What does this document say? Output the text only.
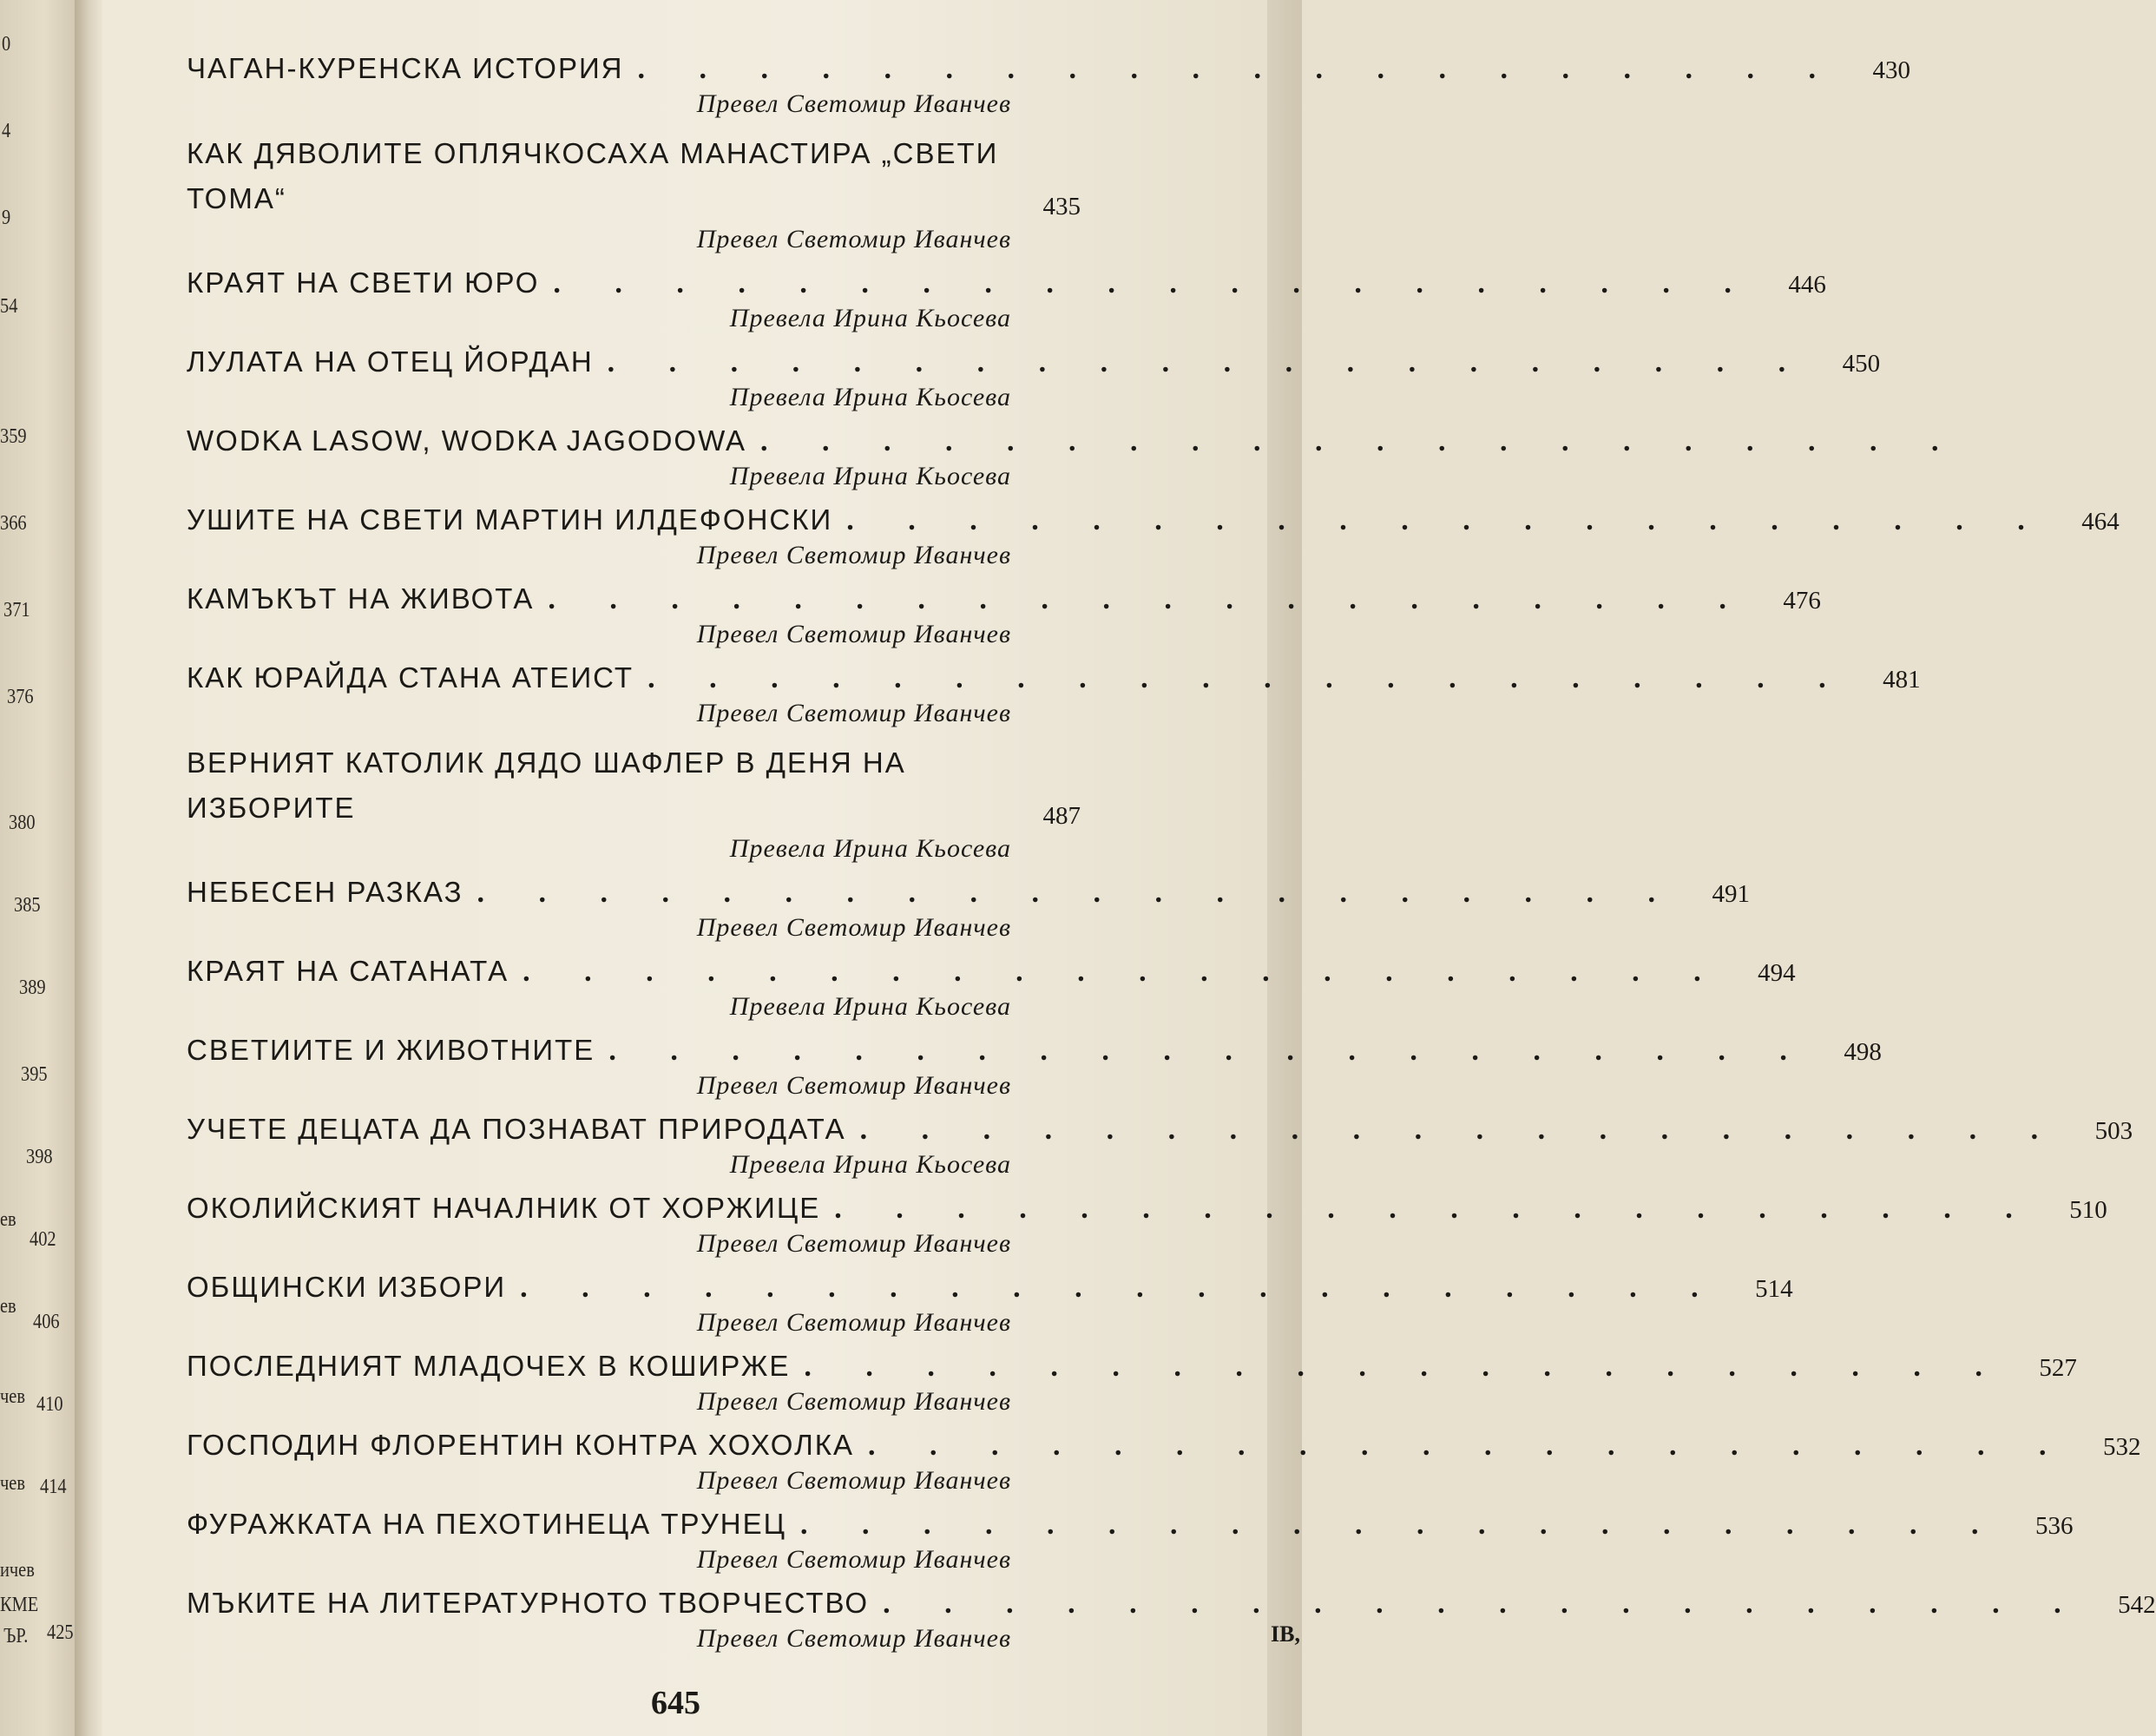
0
4
9
54
359
366
371
376
380
385
389
395
398
402
406
410
414
425
ев
ев
чев
чев
ичев
КМЕ
ЪР.	ІВ,
ЧАГАН-КУРЕНСКА ИСТОРИЯ . . . . . . . . . . . . . . . . . . . .	430
Превел Светомир Иванчев
КАК ДЯВОЛИТЕ ОПЛЯЧКОСАХА МАНАСТИРА „СВЕТИ ТОМА“	435
Превел Светомир Иванчев
КРАЯТ НА СВЕТИ ЮРО . . . . . . . . . . . . . . . . . . . .	446
Превела Ирина Кьосева
ЛУЛАТА НА ОТЕЦ ЙОРДАН . . . . . . . . . . . . . . . . . . . .	450
Превела Ирина Кьосева
WODKA LASOW, WODKA JAGODOWA . . . . . . . . . . . . . . . . . . . .
Превела Ирина Кьосева
УШИТЕ НА СВЕТИ МАРТИН ИЛДЕФОНСКИ . . . . . . . . . . . . . . . . . . . .	464
Превел Светомир Иванчев
КАМЪКЪТ НА ЖИВОТА . . . . . . . . . . . . . . . . . . . .	476
Превел Светомир Иванчев
КАК ЮРАЙДА СТАНА АТЕИСТ . . . . . . . . . . . . . . . . . . . .	481
Превел Светомир Иванчев
ВЕРНИЯТ КАТОЛИК ДЯДО ШАФЛЕР В ДЕНЯ НА ИЗБОРИТЕ	487
Превела Ирина Кьосева
НЕБЕСЕН РАЗКАЗ . . . . . . . . . . . . . . . . . . . .	491
Превел Светомир Иванчев
КРАЯТ НА САТАНАТА . . . . . . . . . . . . . . . . . . . .	494
Превела Ирина Кьосева
СВЕТИИТЕ И ЖИВОТНИТЕ . . . . . . . . . . . . . . . . . . . .	498
Превел Светомир Иванчев
УЧЕТЕ ДЕЦАТА ДА ПОЗНАВАТ ПРИРОДАТА . . . . . . . . . . . . . . . . . . . .	503
Превела Ирина Кьосева
ОКОЛИЙСКИЯТ НАЧАЛНИК ОТ ХОРЖИЦЕ . . . . . . . . . . . . . . . . . . . .	510
Превел Светомир Иванчев
ОБЩИНСКИ ИЗБОРИ . . . . . . . . . . . . . . . . . . . .	514
Превел Светомир Иванчев
ПОСЛЕДНИЯТ МЛАДОЧЕХ В КОШИРЖЕ . . . . . . . . . . . . . . . . . . . .	527
Превел Светомир Иванчев
ГОСПОДИН ФЛОРЕНТИН КОНТРА ХОХОЛКА . . . . . . . . . . . . . . . . . . . .	532
Превел Светомир Иванчев
ФУРАЖКАТА НА ПЕХОТИНЕЦА ТРУНЕЦ . . . . . . . . . . . . . . . . . . . .	536
Превел Светомир Иванчев
МЪКИТЕ НА ЛИТЕРАТУРНОТО ТВОРЧЕСТВО . . . . . . . . . . . . . . . . . . . .	542
Превел Светомир Иванчев
645
